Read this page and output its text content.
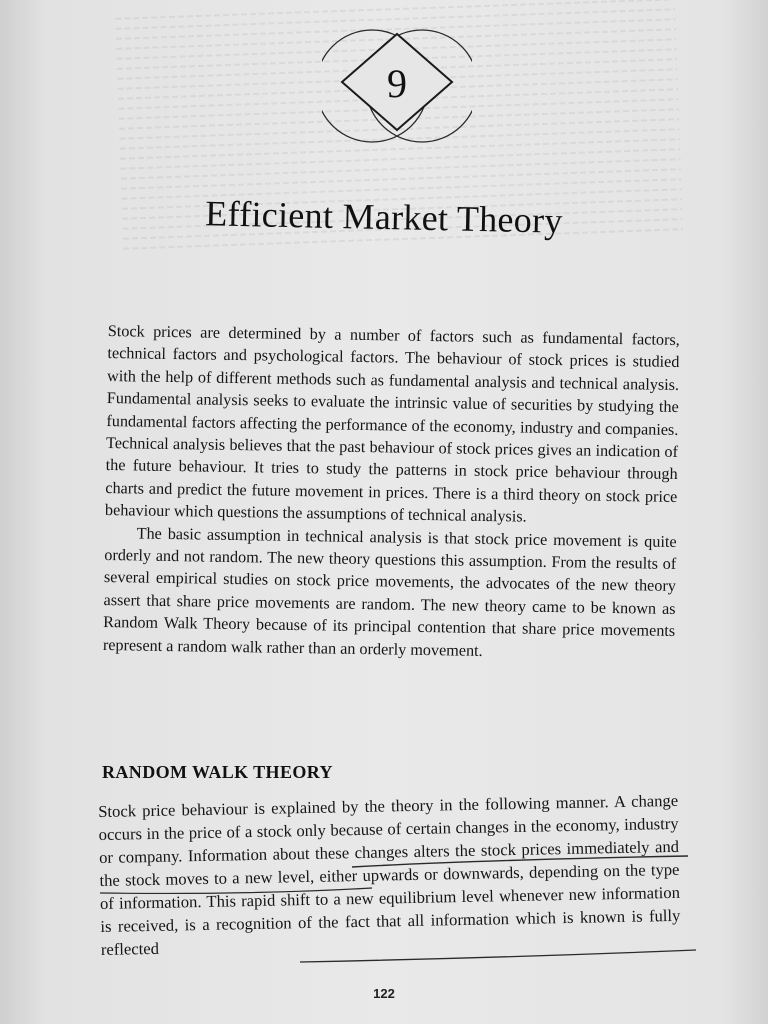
9
Efficient Market Theory

Stock prices are determined by a number of factors such as fundamental factors, technical factors and psychological factors. The behaviour of stock prices is studied with the help of different methods such as fundamental analysis and technical analysis. Fundamental analysis seeks to evaluate the intrinsic value of securities by studying the fundamental factors affecting the performance of the economy, industry and companies. Technical analysis believes that the past behaviour of stock prices gives an indication of the future behaviour. It tries to study the patterns in stock price behaviour through charts and predict the future movement in prices. There is a third theory on stock price behaviour which questions the assumptions of technical analysis.

The basic assumption in technical analysis is that stock price movement is quite orderly and not random. The new theory questions this assumption. From the results of several empirical studies on stock price movements, the advocates of the new theory assert that share price movements are random. The new theory came to be known as Random Walk Theory because of its principal contention that share price movements represent a random walk rather than an orderly movement.

RANDOM WALK THEORY

Stock price behaviour is explained by the theory in the following manner. A change occurs in the price of a stock only because of certain changes in the economy, industry or company. Information about these changes alters the stock prices immediately and the stock moves to a new level, either upwards or downwards, depending on the type of information. This rapid shift to a new equilibrium level whenever new information is received, is a recognition of the fact that all information which is known is fully reflected

122
